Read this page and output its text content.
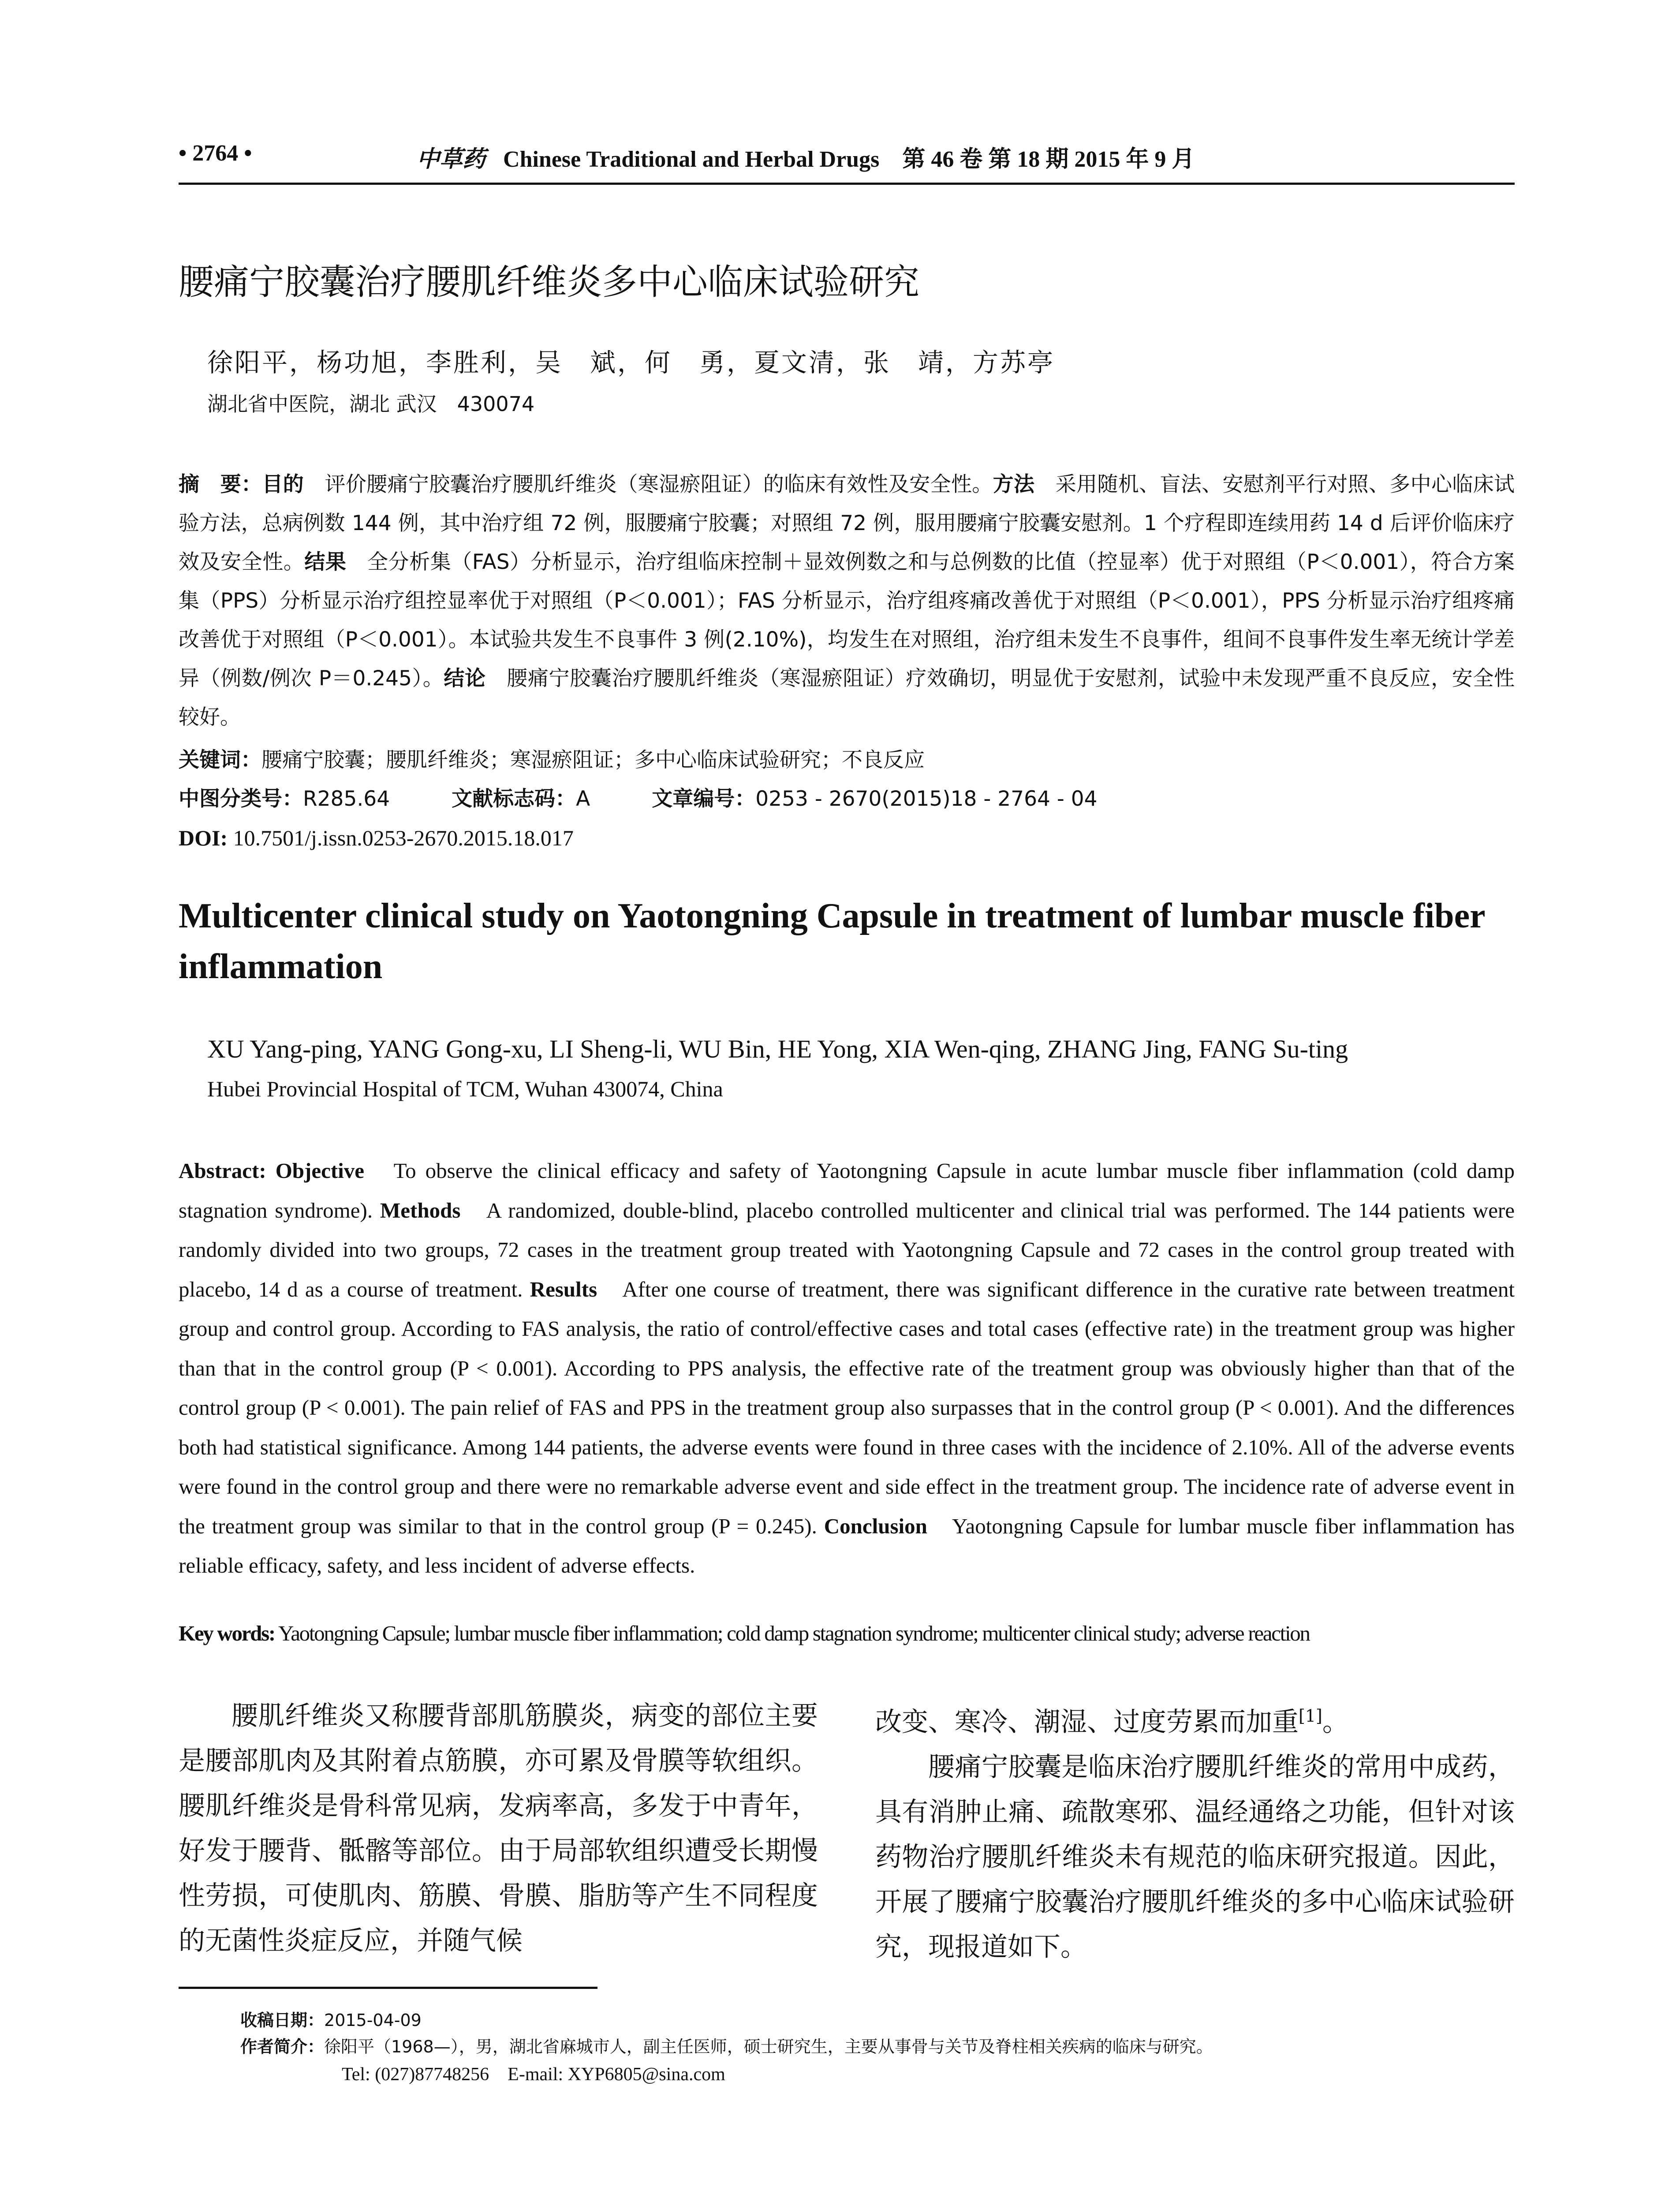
• 2764 •	中草药 Chinese Traditional and Herbal Drugs　第 46 卷 第 18 期 2015 年 9 月
腰痛宁胶囊治疗腰肌纤维炎多中心临床试验研究
徐阳平，杨功旭，李胜利，吴　斌，何　勇，夏文清，张　靖，方苏亭
湖北省中医院，湖北 武汉　430074
摘　要：目的　 评价腰痛宁胶囊治疗腰肌纤维炎（寒湿瘀阻证）的临床有效性及安全性。方法　 采用随机、盲法、安慰剂平行对照、多中心临床试验方法，总病例数 144 例，其中治疗组 72 例，服腰痛宁胶囊；对照组 72 例，服用腰痛宁胶囊安慰剂。1 个疗程即连续用药 14 d 后评价临床疗效及安全性。结果　 全分析集（FAS）分析显示，治疗组临床控制＋显效例数之和与总例数的比值（控显率）优于对照组（P＜0.001），符合方案集（PPS）分析显示治疗组控显率优于对照组（P＜0.001）；FAS 分析显示，治疗组疼痛改善优于对照组（P＜0.001），PPS 分析显示治疗组疼痛改善优于对照组（P＜0.001）。本试验共发生不良事件 3 例(2.10%)，均发生在对照组，治疗组未发生不良事件，组间不良事件发生率无统计学差异（例数/例次 P＝0.245）。结论　 腰痛宁胶囊治疗腰肌纤维炎（寒湿瘀阻证）疗效确切，明显优于安慰剂，试验中未发现严重不良反应，安全性较好。
关键词：腰痛宁胶囊；腰肌纤维炎；寒湿瘀阻证；多中心临床试验研究；不良反应
中图分类号：R285.64	文献标志码：A	文章编号：0253 - 2670(2015)18 - 2764 - 04
DOI: 10.7501/j.issn.0253-2670.2015.18.017
Multicenter clinical study on Yaotongning Capsule in treatment of lumbar muscle fiber inflammation
XU Yang-ping, YANG Gong-xu, LI Sheng-li, WU Bin, HE Yong, XIA Wen-qing, ZHANG Jing, FANG Su-ting
Hubei Provincial Hospital of TCM, Wuhan 430074, China
Abstract: Objective　 To observe the clinical efficacy and safety of Yaotongning Capsule in acute lumbar muscle fiber inflammation (cold damp stagnation syndrome). Methods　 A randomized, double-blind, placebo controlled multicenter and clinical trial was performed. The 144 patients were randomly divided into two groups, 72 cases in the treatment group treated with Yaotongning Capsule and 72 cases in the control group treated with placebo, 14 d as a course of treatment. Results　 After one course of treatment, there was significant difference in the curative rate between treatment group and control group. According to FAS analysis, the ratio of control/effective cases and total cases (effective rate) in the treatment group was higher than that in the control group (P < 0.001). According to PPS analysis, the effective rate of the treatment group was obviously higher than that of the control group (P < 0.001). The pain relief of FAS and PPS in the treatment group also surpasses that in the control group (P < 0.001). And the differences both had statistical significance. Among 144 patients, the adverse events were found in three cases with the incidence of 2.10%. All of the adverse events were found in the control group and there were no remarkable adverse event and side effect in the treatment group. The incidence rate of adverse event in the treatment group was similar to that in the control group (P = 0.245). Conclusion　 Yaotongning Capsule for lumbar muscle fiber inflammation has reliable efficacy, safety, and less incident of adverse effects.
Key words: Yaotongning Capsule; lumbar muscle fiber inflammation; cold damp stagnation syndrome; multicenter clinical study; adverse reaction

腰肌纤维炎又称腰背部肌筋膜炎，病变的部位主要是腰部肌肉及其附着点筋膜，亦可累及骨膜等软组织。腰肌纤维炎是骨科常见病，发病率高，多发于中青年，好发于腰背、骶髂等部位。由于局部软组织遭受长期慢性劳损，可使肌肉、筋膜、骨膜、脂肪等产生不同程度的无菌性炎症反应，并随气候

改变、寒冷、潮湿、过度劳累而加重[1]。

腰痛宁胶囊是临床治疗腰肌纤维炎的常用中成药，具有消肿止痛、疏散寒邪、温经通络之功能，但针对该药物治疗腰肌纤维炎未有规范的临床研究报道。因此，开展了腰痛宁胶囊治疗腰肌纤维炎的多中心临床试验研究，现报道如下。

收稿日期：2015-04-09
作者简介：徐阳平（1968—），男，湖北省麻城市人，副主任医师，硕士研究生，主要从事骨与关节及脊柱相关疾病的临床与研究。
Tel: (027)87748256　E-mail: XYP6805@sina.com
